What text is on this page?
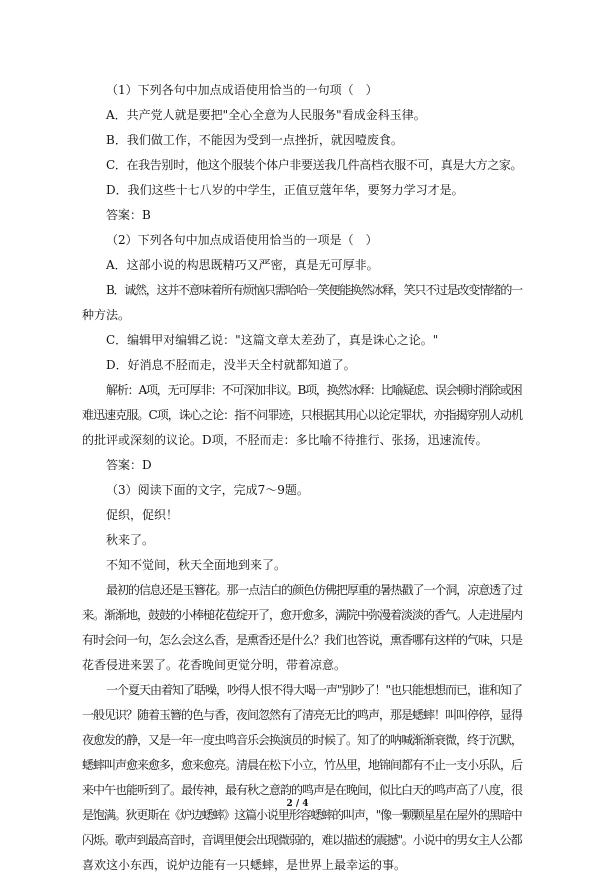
（1）下列各句中加点成语使用恰当的一句项（　）
A．共产党人就是要把"全心全意为人民服务"看成金科玉律。
B．我们做工作，不能因为受到一点挫折，就因噎废食。
C．在我告别时，他这个服装个体户非要送我几件高档衣服不可，真是大方之家。
D．我们这些十七八岁的中学生，正值豆蔻年华，要努力学习才是。
答案：B
（2）下列各句中加点成语使用恰当的一项是（　）
A．这部小说的构思既精巧又严密，真是无可厚非。
B．诚然，这并不意味着所有烦恼只需哈哈一笑便能换然冰释，笑只不过是改变情绪的一
种方法。
C．编辑甲对编辑乙说："这篇文章太差劲了，真是诛心之论。"
D．好消息不胫而走，没半天全村就都知道了。
解析：A项，无可厚非：不可深加非议。B项，换然冰释：比喻疑虑、误会顿时消除或困
难迅速克服。C项，诛心之论：指不问罪迹，只根据其用心以论定罪状，亦指揭穿别人动机
的批评或深刻的议论。D项，不胫而走：多比喻不待推行、张扬，迅速流传。
答案：D
（3）阅读下面的文字，完成7～9题。
促织，促织！
秋来了。
不知不觉间，秋天全面地到来了。
最初的信息还是玉簪花。那一点洁白的颜色仿佛把厚重的暑热戳了一个洞，凉意透了过
来。渐渐地，鼓鼓的小棒槌花苞绽开了，愈开愈多，满院中弥漫着淡淡的香气。人走进屋内
有时会问一句，怎么会这么香，是熏香还是什么？我们也答说，熏香哪有这样的气味，只是
花香侵进来罢了。花香晚间更觉分明，带着凉意。
一个夏天由着知了聒噪，吵得人恨不得大喝一声"别吵了！"也只能想想而已，谁和知了
一般见识？随着玉簪的色与香，夜间忽然有了清亮无比的鸣声，那是蟋蟀！叫叫停停，显得
夜愈发的静，又是一年一度虫鸣音乐会换演员的时候了。知了的呐喊渐渐衰微，终于沉默，
蟋蟀叫声愈来愈多，愈来愈亮。清晨在松下小立，竹丛里，地锦间都有不止一支小乐队，后
来中午也能听到了。最传神，最有秋之意韵的鸣声是在晚间，似比白天的鸣声高了八度，很
是饱满。狄更斯在《炉边蟋蟀》这篇小说里形容蟋蟀的叫声，"像一颗颗星星在屋外的黑暗中
闪烁。歌声到最高音时，音调里便会出现微弱的，难以描述的震撼"。小说中的男女主人公都
喜欢这小东西，说炉边能有一只蟋蟀，是世界上最幸运的事。
2 / 4
